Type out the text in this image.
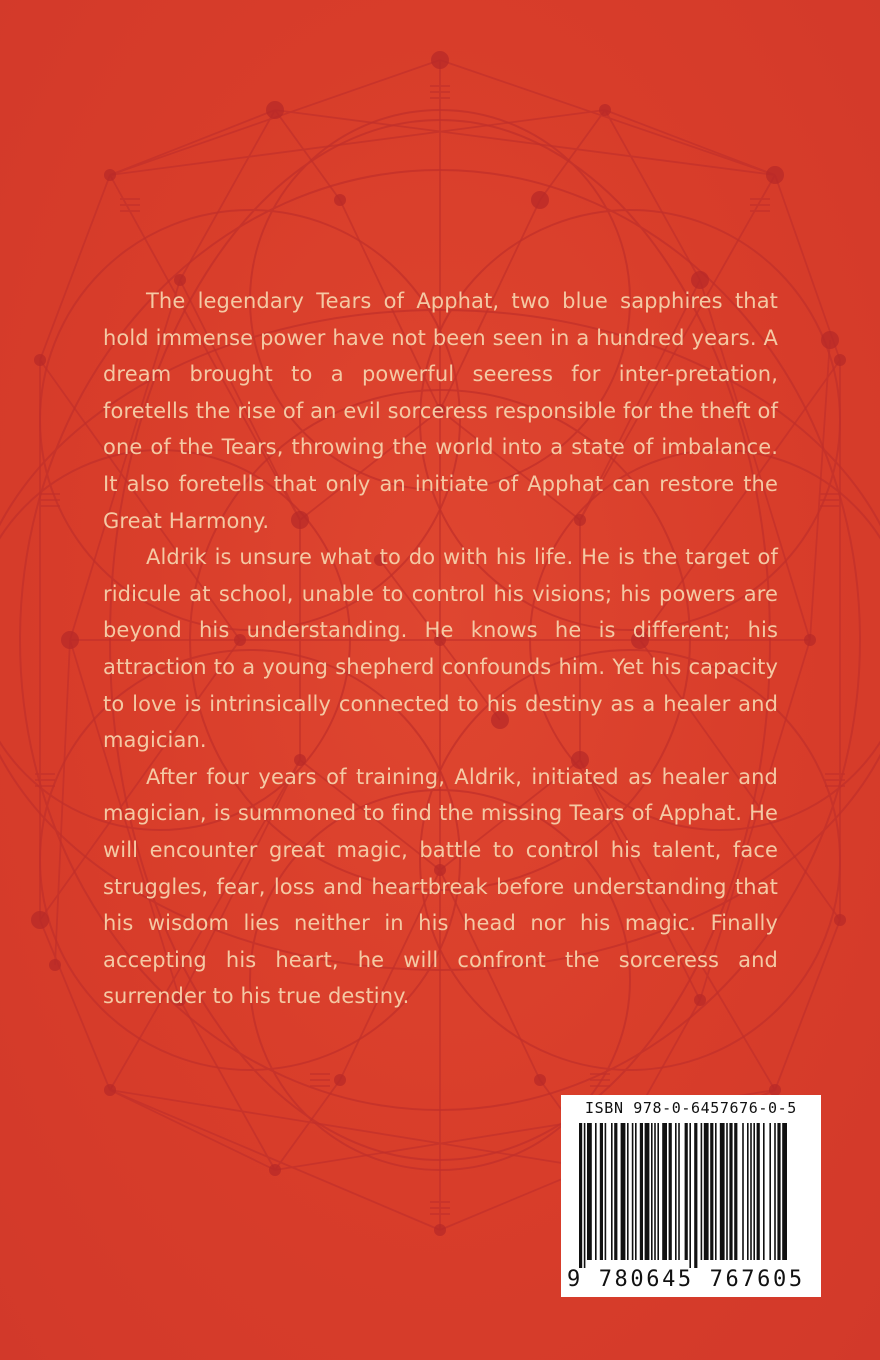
The legendary Tears of Apphat, two blue sapphires that hold immense power have not been seen in a hundred years. A dream brought to a powerful seeress for inter-pretation, foretells the rise of an evil sorceress responsible for the theft of one of the Tears, throwing the world into a state of imbalance. It also foretells that only an initiate of Apphat can restore the Great Harmony.

Aldrik is unsure what to do with his life. He is the target of ridicule at school, unable to control his visions; his powers are beyond his understanding. He knows he is different; his attraction to a young shepherd confounds him. Yet his capacity to love is intrinsically connected to his destiny as a healer and magician.

After four years of training, Aldrik, initiated as healer and magician, is summoned to find the missing Tears of Apphat. He will encounter great magic, battle to control his talent, face struggles, fear, loss and heartbreak before understanding that his wisdom lies neither in his head nor his magic. Finally accepting his heart, he will confront the sorceress and surrender to his true destiny.

ISBN 978-0-6457676-0-5
9 780645 767605
